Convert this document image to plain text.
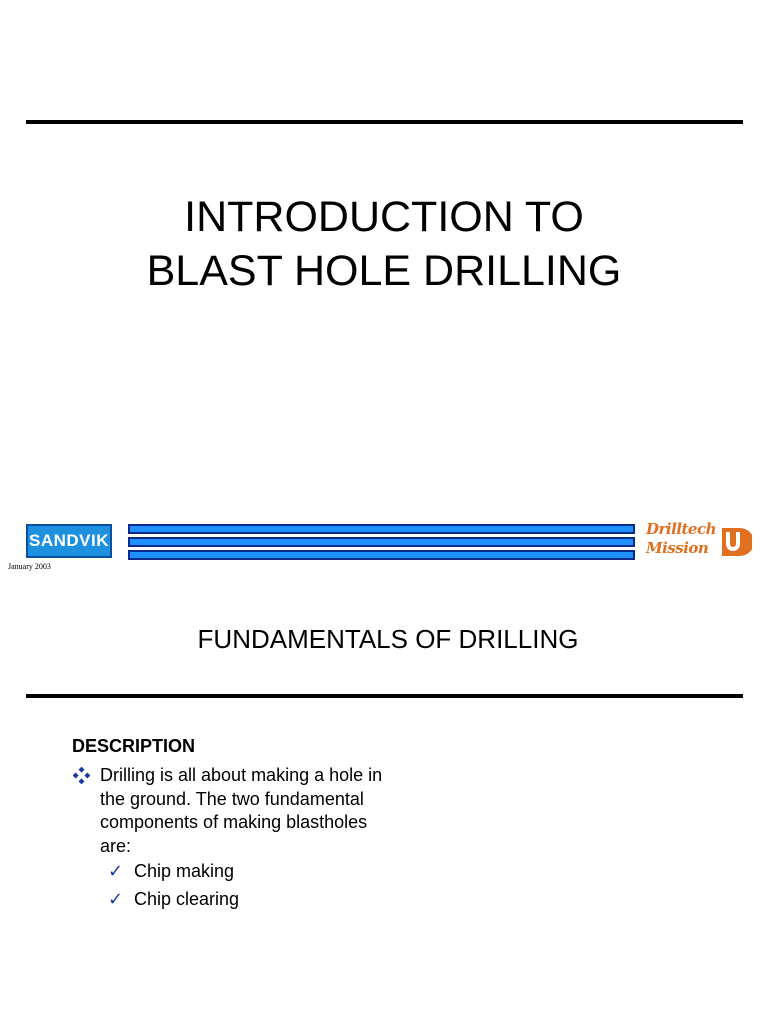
INTRODUCTION TO
BLAST HOLE DRILLING
SANDVIK
January 2003
Drilltech
Mission
FUNDAMENTALS OF DRILLING
DESCRIPTION
Drilling is all about making a hole in the ground. The two fundamental components of making blastholes are:
✓ Chip making
✓ Chip clearing
